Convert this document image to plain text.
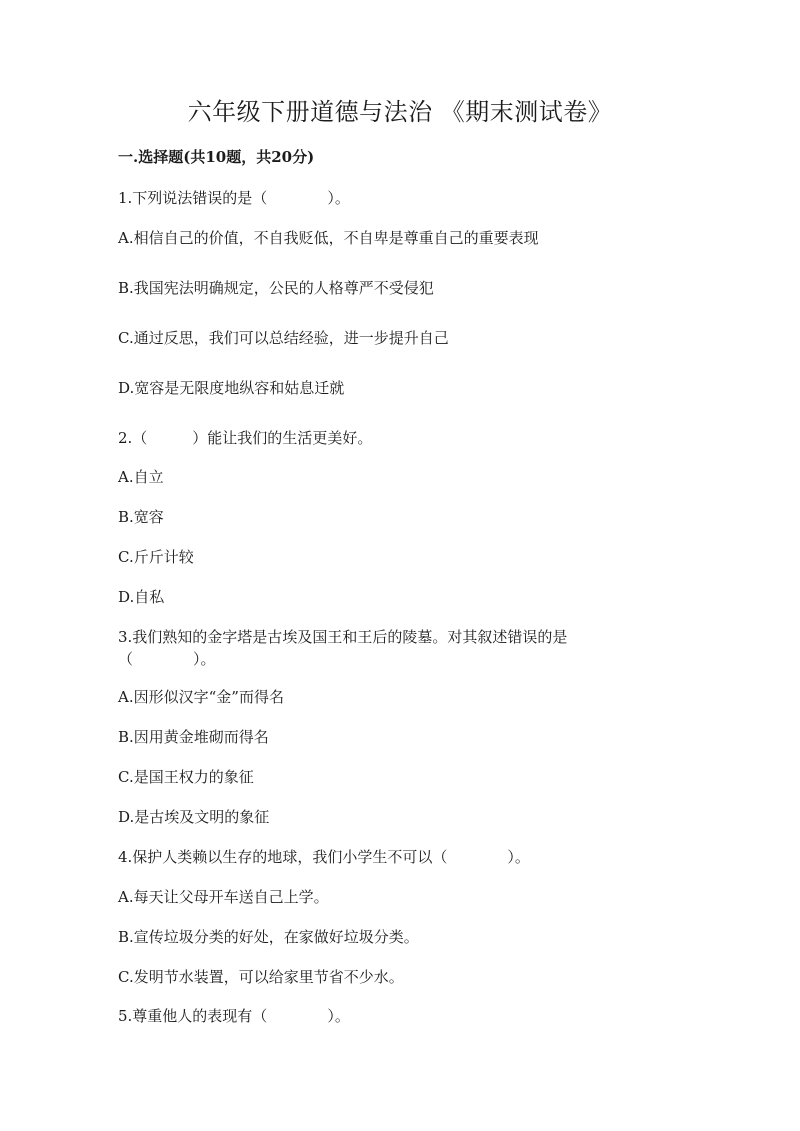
六年级下册道德与法治 《期末测试卷》
一.选择题(共10题，共20分)
1.下列说法错误的是（　　　　）。
A.相信自己的价值，不自我贬低，不自卑是尊重自己的重要表现
B.我国宪法明确规定，公民的人格尊严不受侵犯
C.通过反思，我们可以总结经验，进一步提升自己
D.宽容是无限度地纵容和姑息迁就
2.（　　　）能让我们的生活更美好。
A.自立
B.宽容
C.斤斤计较
D.自私
3.我们熟知的金字塔是古埃及国王和王后的陵墓。对其叙述错误的是
（　　　　）。
A.因形似汉字“金”而得名
B.因用黄金堆砌而得名
C.是国王权力的象征
D.是古埃及文明的象征
4.保护人类赖以生存的地球，我们小学生不可以（　　　　）。
A.每天让父母开车送自己上学。
B.宣传垃圾分类的好处，在家做好垃圾分类。
C.发明节水装置，可以给家里节省不少水。
5.尊重他人的表现有（　　　　）。
